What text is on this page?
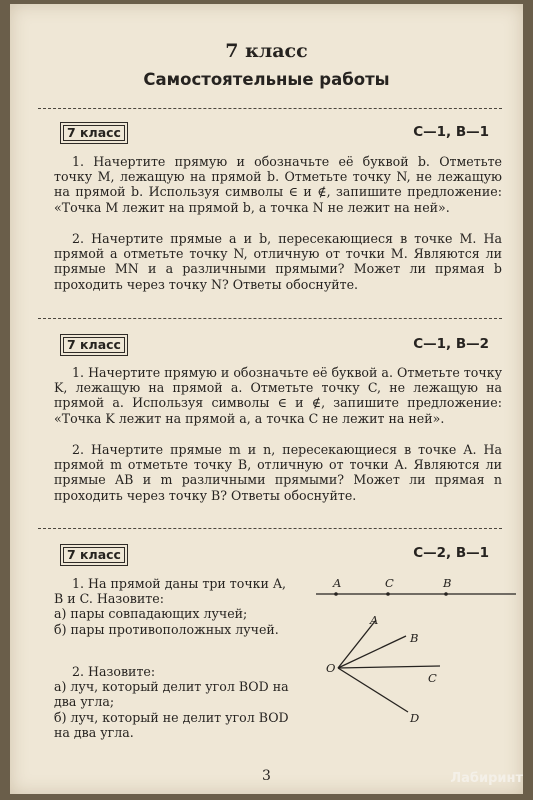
7 класс
Самостоятельные работы
7 класс	С—1, В—1
1. Начертите прямую и обозначьте её буквой b. Отметьте точку M, лежащую на прямой b. Отметьте точку N, не лежащую на прямой b. Используя символы ∈ и ∉, запишите предложение: «Точка M лежит на прямой b, а точка N не лежит на ней».
2. Начертите прямые a и b, пересекающиеся в точке M. На прямой a отметьте точку N, отличную от точки M. Являются ли прямые MN и a различными прямыми? Может ли прямая b проходить через точку N? Ответы обоснуйте.
7 класс	С—1, В—2
1. Начертите прямую и обозначьте её буквой a. Отметьте точку K, лежащую на прямой a. Отметьте точку C, не лежащую на прямой a. Используя символы ∈ и ∉, запишите предложение: «Точка K лежит на прямой a, а точка C не лежит на ней».
2. Начертите прямые m и n, пересекающиеся в точке A. На прямой m отметьте точку B, отличную от точки A. Являются ли прямые AB и m различными прямыми? Может ли прямая n проходить через точку B? Ответы обоснуйте.
7 класс	С—2, В—1

1. На прямой даны три точки A, B и C. Назовите:

а) пары совпадающих лучей;

б) пары противоположных лучей.

2. Назовите:

а) луч, который делит угол BOD на два угла;

б) луч, который не делит угол BOD на два угла.

A	C	B
A
B
O
C
D
3	Лабиринт
